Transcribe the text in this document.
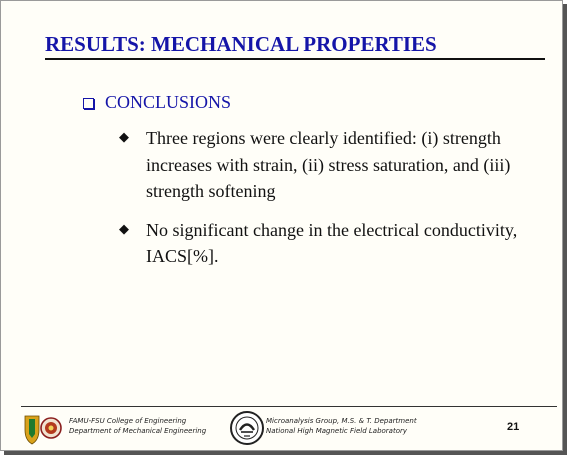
RESULTS: MECHANICAL PROPERTIES
CONCLUSIONS
◆ Three regions were clearly identified: (i) strength increases with strain, (ii) stress saturation, and (iii) strength softening
◆ No significant change in the electrical conductivity, IACS[%].
FAMU-FSU College of Engineering
Department of Mechanical Engineering
Microanalysis Group, M.S. & T. Department
National High Magnetic Field Laboratory	21
